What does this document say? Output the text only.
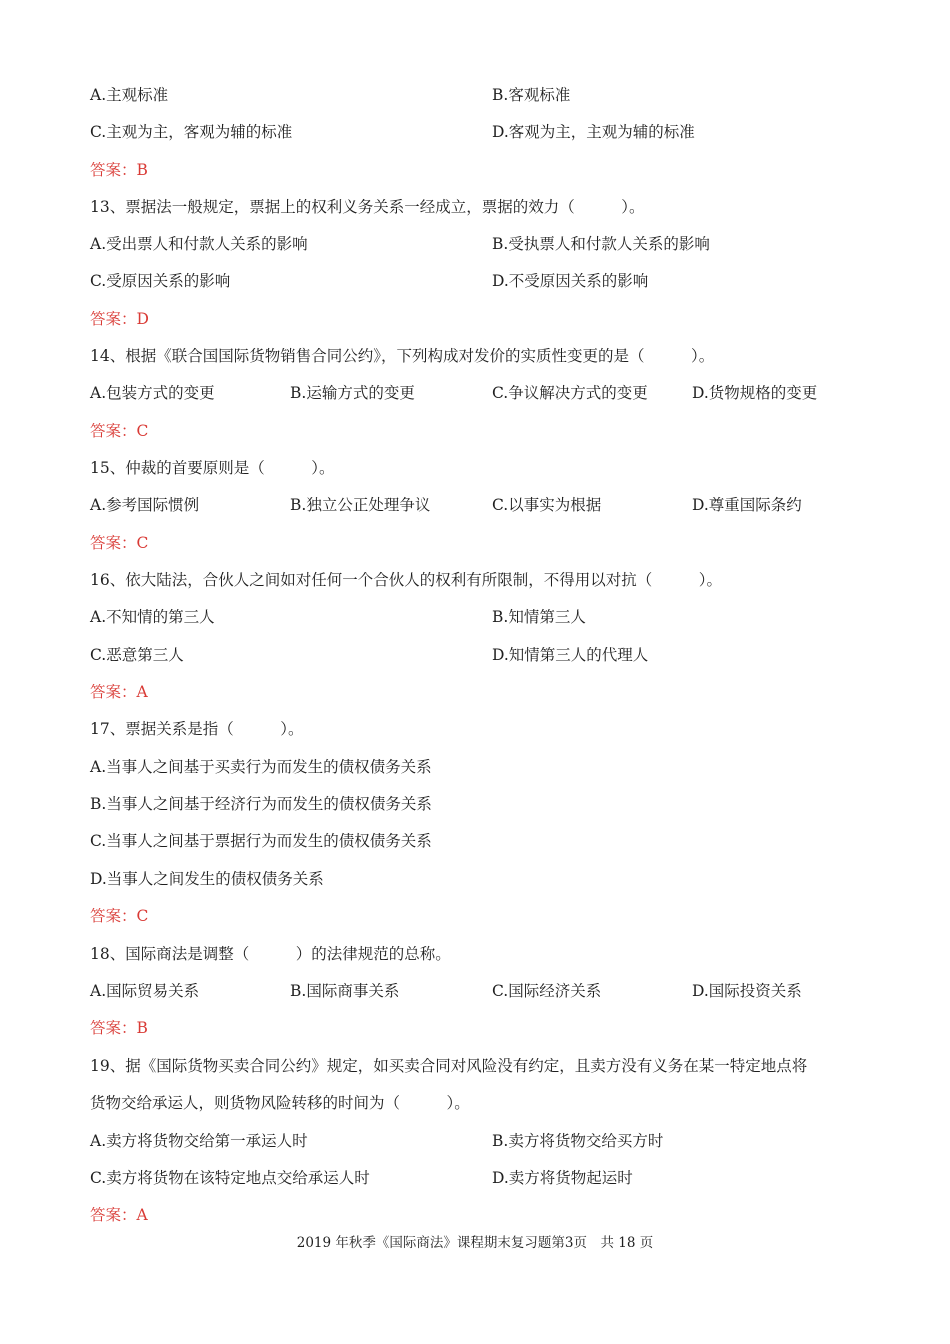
A.主观标准	B.客观标准
C.主观为主，客观为辅的标准	D.客观为主，主观为辅的标准
答案：B
13、票据法一般规定，票据上的权利义务关系一经成立，票据的效力（　　　）。
A.受出票人和付款人关系的影响	B.受执票人和付款人关系的影响
C.受原因关系的影响	D.不受原因关系的影响
答案：D
14、根据《联合国国际货物销售合同公约》，下列构成对发价的实质性变更的是（　　　）。
A.包装方式的变更	B.运输方式的变更	C.争议解决方式的变更	D.货物规格的变更
答案：C
15、仲裁的首要原则是（　　　）。
A.参考国际惯例	B.独立公正处理争议	C.以事实为根据	D.尊重国际条约
答案：C
16、依大陆法，合伙人之间如对任何一个合伙人的权利有所限制，不得用以对抗（　　　）。
A.不知情的第三人	B.知情第三人
C.恶意第三人	D.知情第三人的代理人
答案：A
17、票据关系是指（　　　）。
A.当事人之间基于买卖行为而发生的债权债务关系
B.当事人之间基于经济行为而发生的债权债务关系
C.当事人之间基于票据行为而发生的债权债务关系
D.当事人之间发生的债权债务关系
答案：C
18、国际商法是调整（　　　）的法律规范的总称。
A.国际贸易关系	B.国际商事关系	C.国际经济关系	D.国际投资关系
答案：B
19、据《国际货物买卖合同公约》规定，如买卖合同对风险没有约定，且卖方没有义务在某一特定地点将
货物交给承运人，则货物风险转移的时间为（　　　）。
A.卖方将货物交给第一承运人时	B.卖方将货物交给买方时
C.卖方将货物在该特定地点交给承运人时	D.卖方将货物起运时
答案：A
2019 年秋季《国际商法》课程期末复习题第3页　共 18 页
